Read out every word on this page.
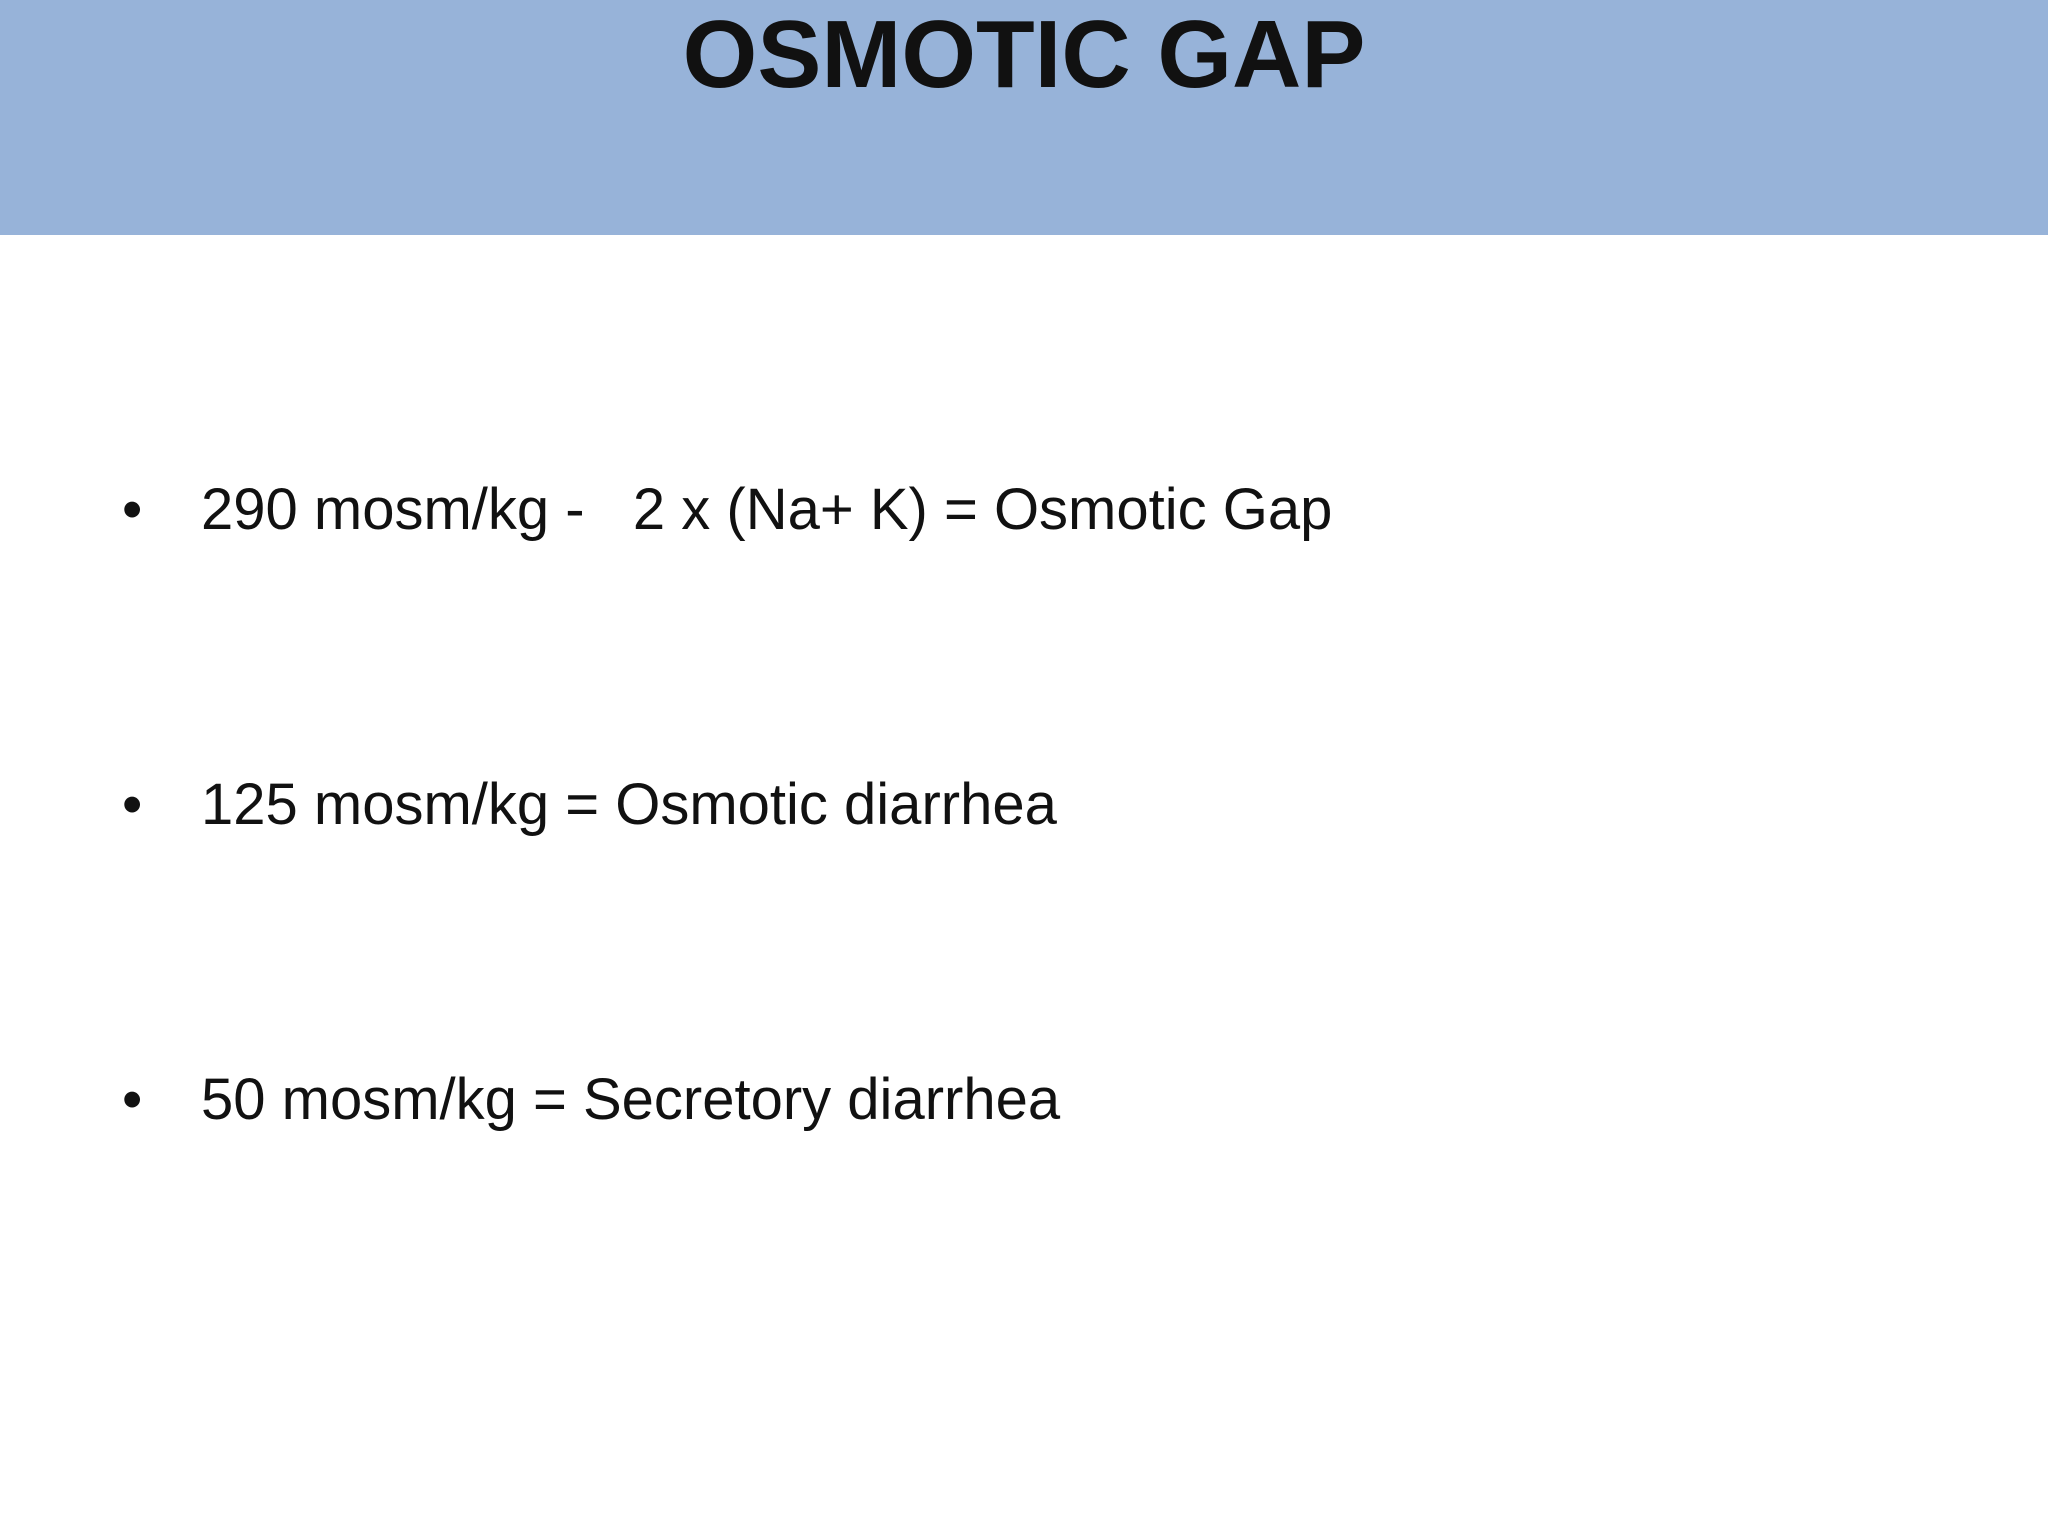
OSMOTIC GAP

•

290 mosm/kg -   2 x (Na+ K) = Osmotic Gap

•

125 mosm/kg = Osmotic diarrhea

•

50 mosm/kg = Secretory diarrhea
